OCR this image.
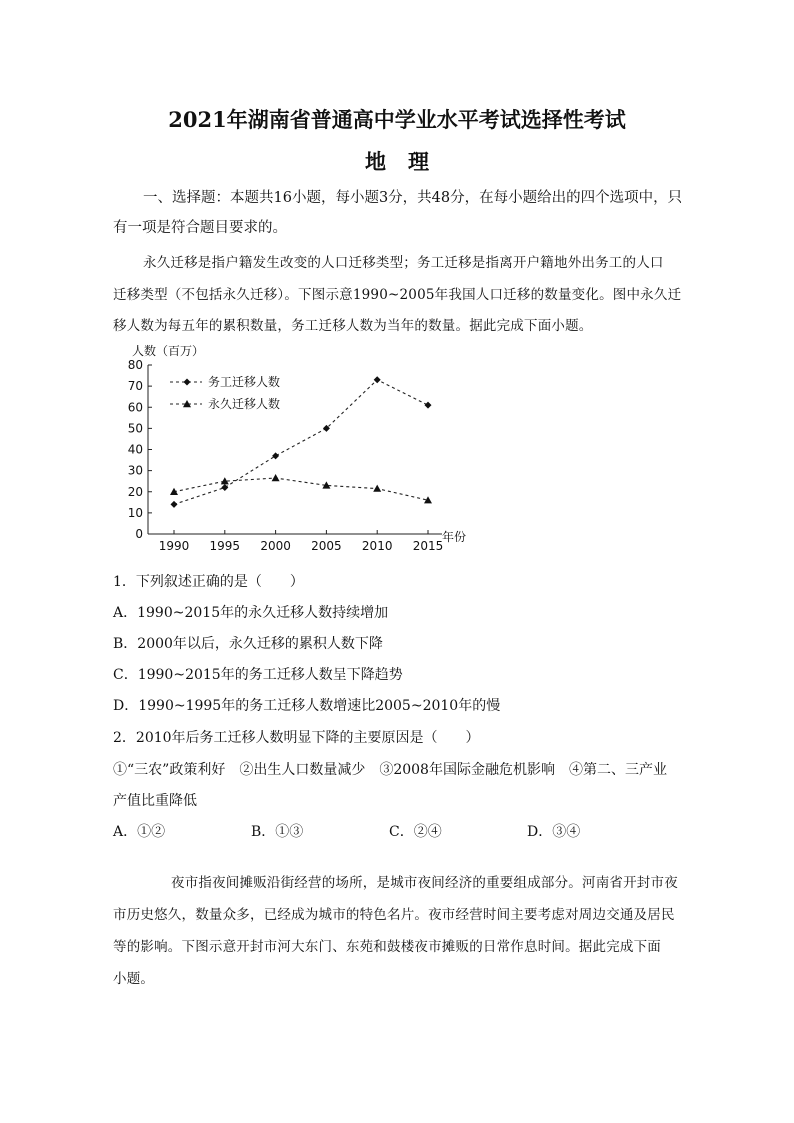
2021年湖南省普通高中学业水平考试选择性考试
地理
一、选择题：本题共16小题，每小题3分，共48分，在每小题给出的四个选项中，只
有一项是符合题目要求的。
永久迁移是指户籍发生改变的人口迁移类型；务工迁移是指离开户籍地外出务工的人口
迁移类型（不包括永久迁移）。下图示意1990~2005年我国人口迁移的数量变化。图中永久迁
移人数为每五年的累积数量，务工迁移人数为当年的数量。据此完成下面小题。
人数（百万）
0
10
20
30
40
50
60
70
80
1990 1995 2000 2005 2010 2015
年份
务工迁移人数
永久迁移人数
1．下列叙述正确的是（　　）
A．1990~2015年的永久迁移人数持续增加
B．2000年以后，永久迁移的累积人数下降
C．1990~2015年的务工迁移人数呈下降趋势
D．1990~1995年的务工迁移人数增速比2005~2010年的慢
2．2010年后务工迁移人数明显下降的主要原因是（　　）
①“三农”政策利好　②出生人口数量减少　③2008年国际金融危机影响　④第二、三产业
产值比重降低
A．①②	B．①③	C．②④	D．③④
夜市指夜间摊贩沿街经营的场所，是城市夜间经济的重要组成部分。河南省开封市夜
市历史悠久，数量众多，已经成为城市的特色名片。夜市经营时间主要考虑对周边交通及居民
等的影响。下图示意开封市河大东门、东苑和鼓楼夜市摊贩的日常作息时间。据此完成下面
小题。
